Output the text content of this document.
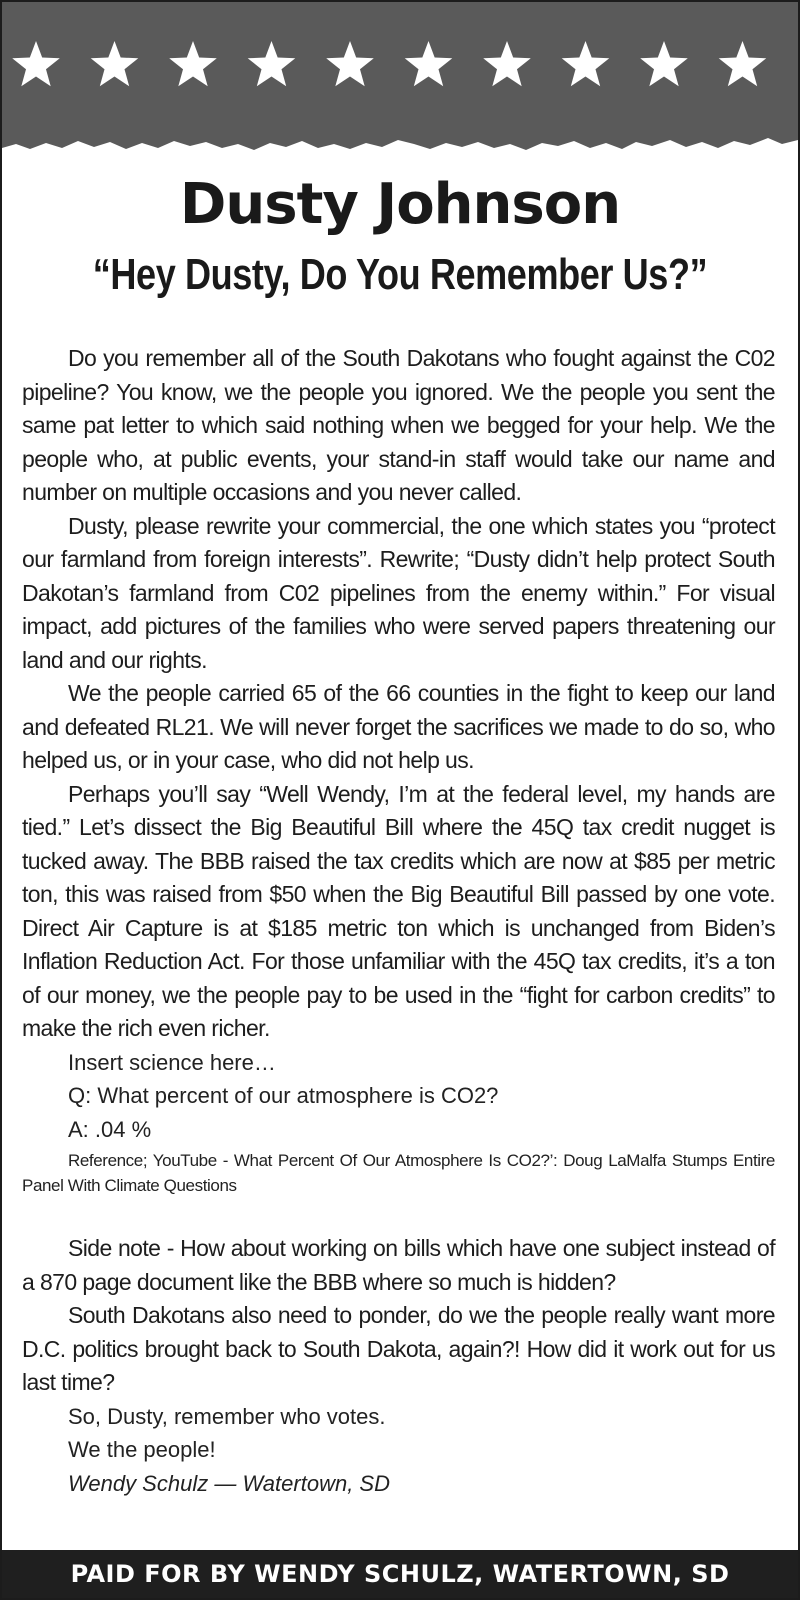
Dusty Johnson
“Hey Dusty, Do You Remember Us?”

Do you remember all of the South Dakotans who fought against the C02 pipeline? You know, we the people you ignored. We the people you sent the same pat letter to which said nothing when we begged for your help. We the people who, at public events, your stand-in staff would take our name and number on multiple occasions and you never called.

Dusty, please rewrite your commercial, the one which states you “protect our farmland from foreign interests”. Rewrite; “Dusty didn’t help protect South Dakotan’s farmland from C02 pipelines from the enemy within.” For visual impact, add pictures of the families who were served papers threatening our land and our rights.

We the people carried 65 of the 66 counties in the fight to keep our land and defeated RL21. We will never forget the sacrifices we made to do so, who helped us, or in your case, who did not help us.

Perhaps you’ll say “Well Wendy, I’m at the federal level, my hands are tied.” Let’s dissect the Big Beautiful Bill where the 45Q tax credit nugget is tucked away. The BBB raised the tax credits which are now at $85 per metric ton, this was raised from $50 when the Big Beautiful Bill passed by one vote. Direct Air Capture is at $185 metric ton which is unchanged from Biden’s Inflation Reduction Act. For those unfamiliar with the 45Q tax credits, it’s a ton of our money, we the people pay to be used in the “fight for carbon credits” to make the rich even richer.

Insert science here…

Q: What percent of our atmosphere is CO2?

A: .04 %

Reference; YouTube - What Percent Of Our Atmosphere Is CO2?’: Doug LaMalfa Stumps Entire Panel With Climate Questions

Side note - How about working on bills which have one subject instead of a 870 page document like the BBB where so much is hidden?

South Dakotans also need to ponder, do we the people really want more D.C. politics brought back to South Dakota, again?! How did it work out for us last time?

So, Dusty, remember who votes.

We the people!

Wendy Schulz — Watertown, SD

PAID FOR BY WENDY SCHULZ, WATERTOWN, SD
